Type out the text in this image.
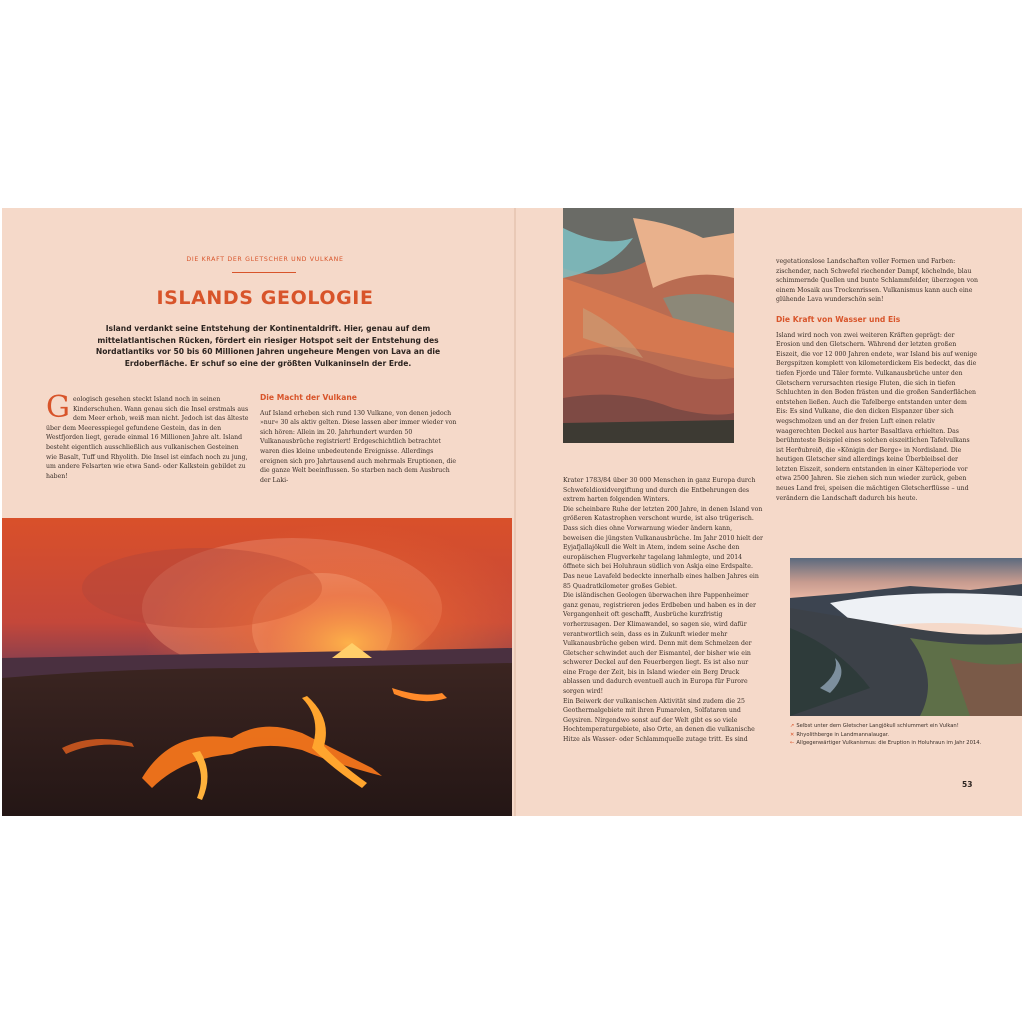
DIE KRAFT DER GLETSCHER UND VULKANE
ISLANDS GEOLOGIE
Island verdankt seine Entstehung der Kontinentaldrift. Hier, genau auf dem mittelatlantischen Rücken, fördert ein riesiger Hotspot seit der Entstehung des Nordatlantiks vor 50 bis 60 Millionen Jahren ungeheure Mengen von Lava an die Erdoberfläche. Er schuf so eine der größten Vulkaninseln der Erde.
G eologisch gesehen steckt Island noch in seinen Kinderschuhen. Wann genau sich die Insel erstmals aus dem Meer erhob, weiß man nicht. Jedoch ist das älteste über dem Meeresspiegel gefundene Gestein, das in den Westfjorden liegt, gerade einmal 16 Millionen Jahre alt. Island besteht eigentlich ausschließlich aus vulkanischen Gesteinen wie Basalt, Tuff und Rhyolith. Die Insel ist einfach noch zu jung, um andere Felsarten wie etwa Sand- oder Kalkstein gebildet zu haben!
Die Macht der Vulkane

Auf Island erheben sich rund 130 Vulkane, von denen jedoch »nur« 30 als aktiv gelten. Diese lassen aber immer wieder von sich hören: Allein im 20. Jahrhundert wurden 50 Vulkanausbrüche registriert! Erdgeschichtlich betrachtet waren dies kleine unbedeutende Ereignisse. Allerdings ereignen sich pro Jahrtausend auch mehrmals Eruptionen, die die ganze Welt beeinflussen. So starben nach dem Ausbruch der Laki-	Krater 1783/84 über 30 000 Menschen in ganz Europa durch Schwefeldioxidvergiftung und durch die Entbehrungen des extrem harten folgenden Winters.

Die scheinbare Ruhe der letzten 200 Jahre, in denen Island von größeren Katastrophen verschont wurde, ist also trügerisch. Dass sich dies ohne Vorwarnung wieder ändern kann, beweisen die jüngsten Vulkanausbrüche. Im Jahr 2010 hielt der Eyjafjallajökull die Welt in Atem, indem seine Asche den europäischen Flugverkehr tagelang lahmlegte, und 2014 öffnete sich bei Holuhraun südlich von Askja eine Erdspalte. Das neue Lavafeld bedeckte innerhalb eines halben Jahres ein 85 Quadratkilometer großes Gebiet.

Die isländischen Geologen überwachen ihre Pappenheimer ganz genau, registrieren jedes Erdbeben und haben es in der Vergangenheit oft geschafft, Ausbrüche kurzfristig vorherzusagen. Der Klimawandel, so sagen sie, wird dafür verantwortlich sein, dass es in Zukunft wieder mehr Vulkanausbrüche geben wird. Denn mit dem Schmelzen der Gletscher schwindet auch der Eismantel, der bisher wie ein schwerer Deckel auf den Feuerbergen liegt. Es ist also nur eine Frage der Zeit, bis in Island wieder ein Berg Druck ablassen und dadurch eventuell auch in Europa für Furore sorgen wird!

Ein Beiwerk der vulkanischen Aktivität sind zudem die 25 Geothermalgebiete mit ihren Fumarolen, Solfataren und Geysiren. Nirgendwo sonst auf der Welt gibt es so viele Hochtemperaturgebiete, also Orte, an denen die vulkanische Hitze als Wasser- oder Schlammquelle zutage tritt. Es sind

vegetationslose Landschaften voller Formen und Farben: zischender, nach Schwefel riechender Dampf, köchelnde, blau schimmernde Quellen und bunte Schlammfelder, überzogen von einem Mosaik aus Trockenrissen. Vulkanismus kann auch eine glühende Lava wunderschön sein!

Die Kraft von Wasser und Eis

Island wird noch von zwei weiteren Kräften geprägt: der Erosion und den Gletschern. Während der letzten großen Eiszeit, die vor 12 000 Jahren endete, war Island bis auf wenige Bergspitzen komplett von kilometerdickem Eis bedeckt, das die tiefen Fjorde und Täler formte. Vulkanausbrüche unter den Gletschern verursachten riesige Fluten, die sich in tiefen Schluchten in den Boden frästen und die großen Sanderflächen entstehen ließen. Auch die Tafelberge entstanden unter dem Eis: Es sind Vulkane, die den dicken Eispanzer über sich wegschmolzen und an der freien Luft einen relativ waagerechten Deckel aus harter Basaltlava erhielten. Das berühmteste Beispiel eines solchen eiszeitlichen Tafelvulkans ist Herðubreið, die »Königin der Berge« in Nordisland. Die heutigen Gletscher sind allerdings keine Überbleibsel der letzten Eiszeit, sondern entstanden in einer Kälteperiode vor etwa 2500 Jahren. Sie ziehen sich nun wieder zurück, geben neues Land frei, speisen die mächtigen Gletscherflüsse – und verändern die Landschaft dadurch bis heute.

↗ Selbst unter dem Gletscher Langjökull schlummert ein Vulkan!
✕ Rhyolithberge in Landmannalaugar.
← Allgegenwärtiger Vulkanismus: die Eruption in Holuhraun im Jahr 2014.
53
